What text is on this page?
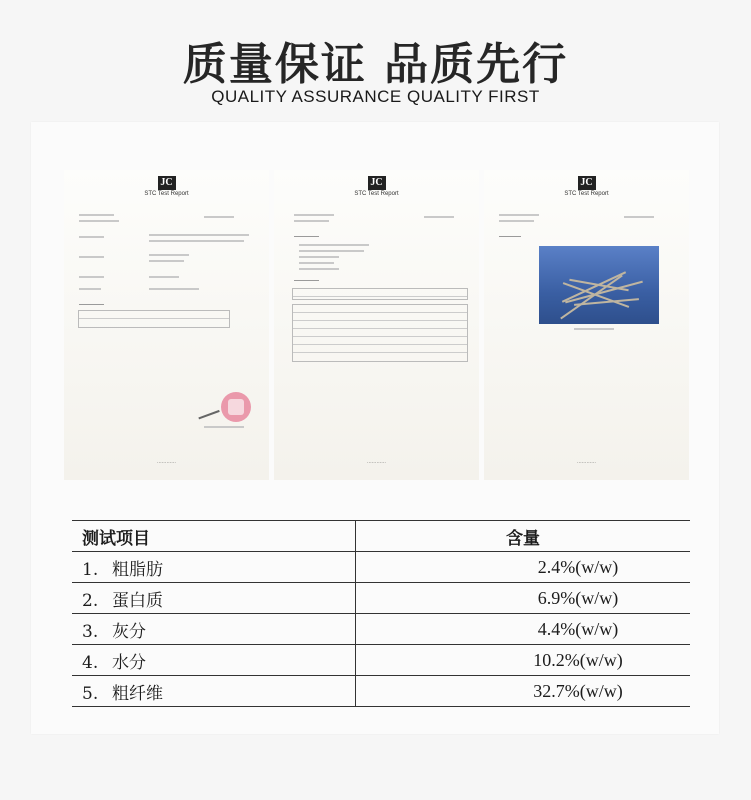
质量保证 品质先行
QUALITY ASSURANCE QUALITY FIRST
JC
STC Test Report
············
JC
STC Test Report
············
JC
STC Test Report
············
测试项目	含量
1. 粗脂肪	2.4%(w/w)
2. 蛋白质	6.9%(w/w)
3. 灰分	4.4%(w/w)
4. 水分	10.2%(w/w)
5. 粗纤维	32.7%(w/w)
